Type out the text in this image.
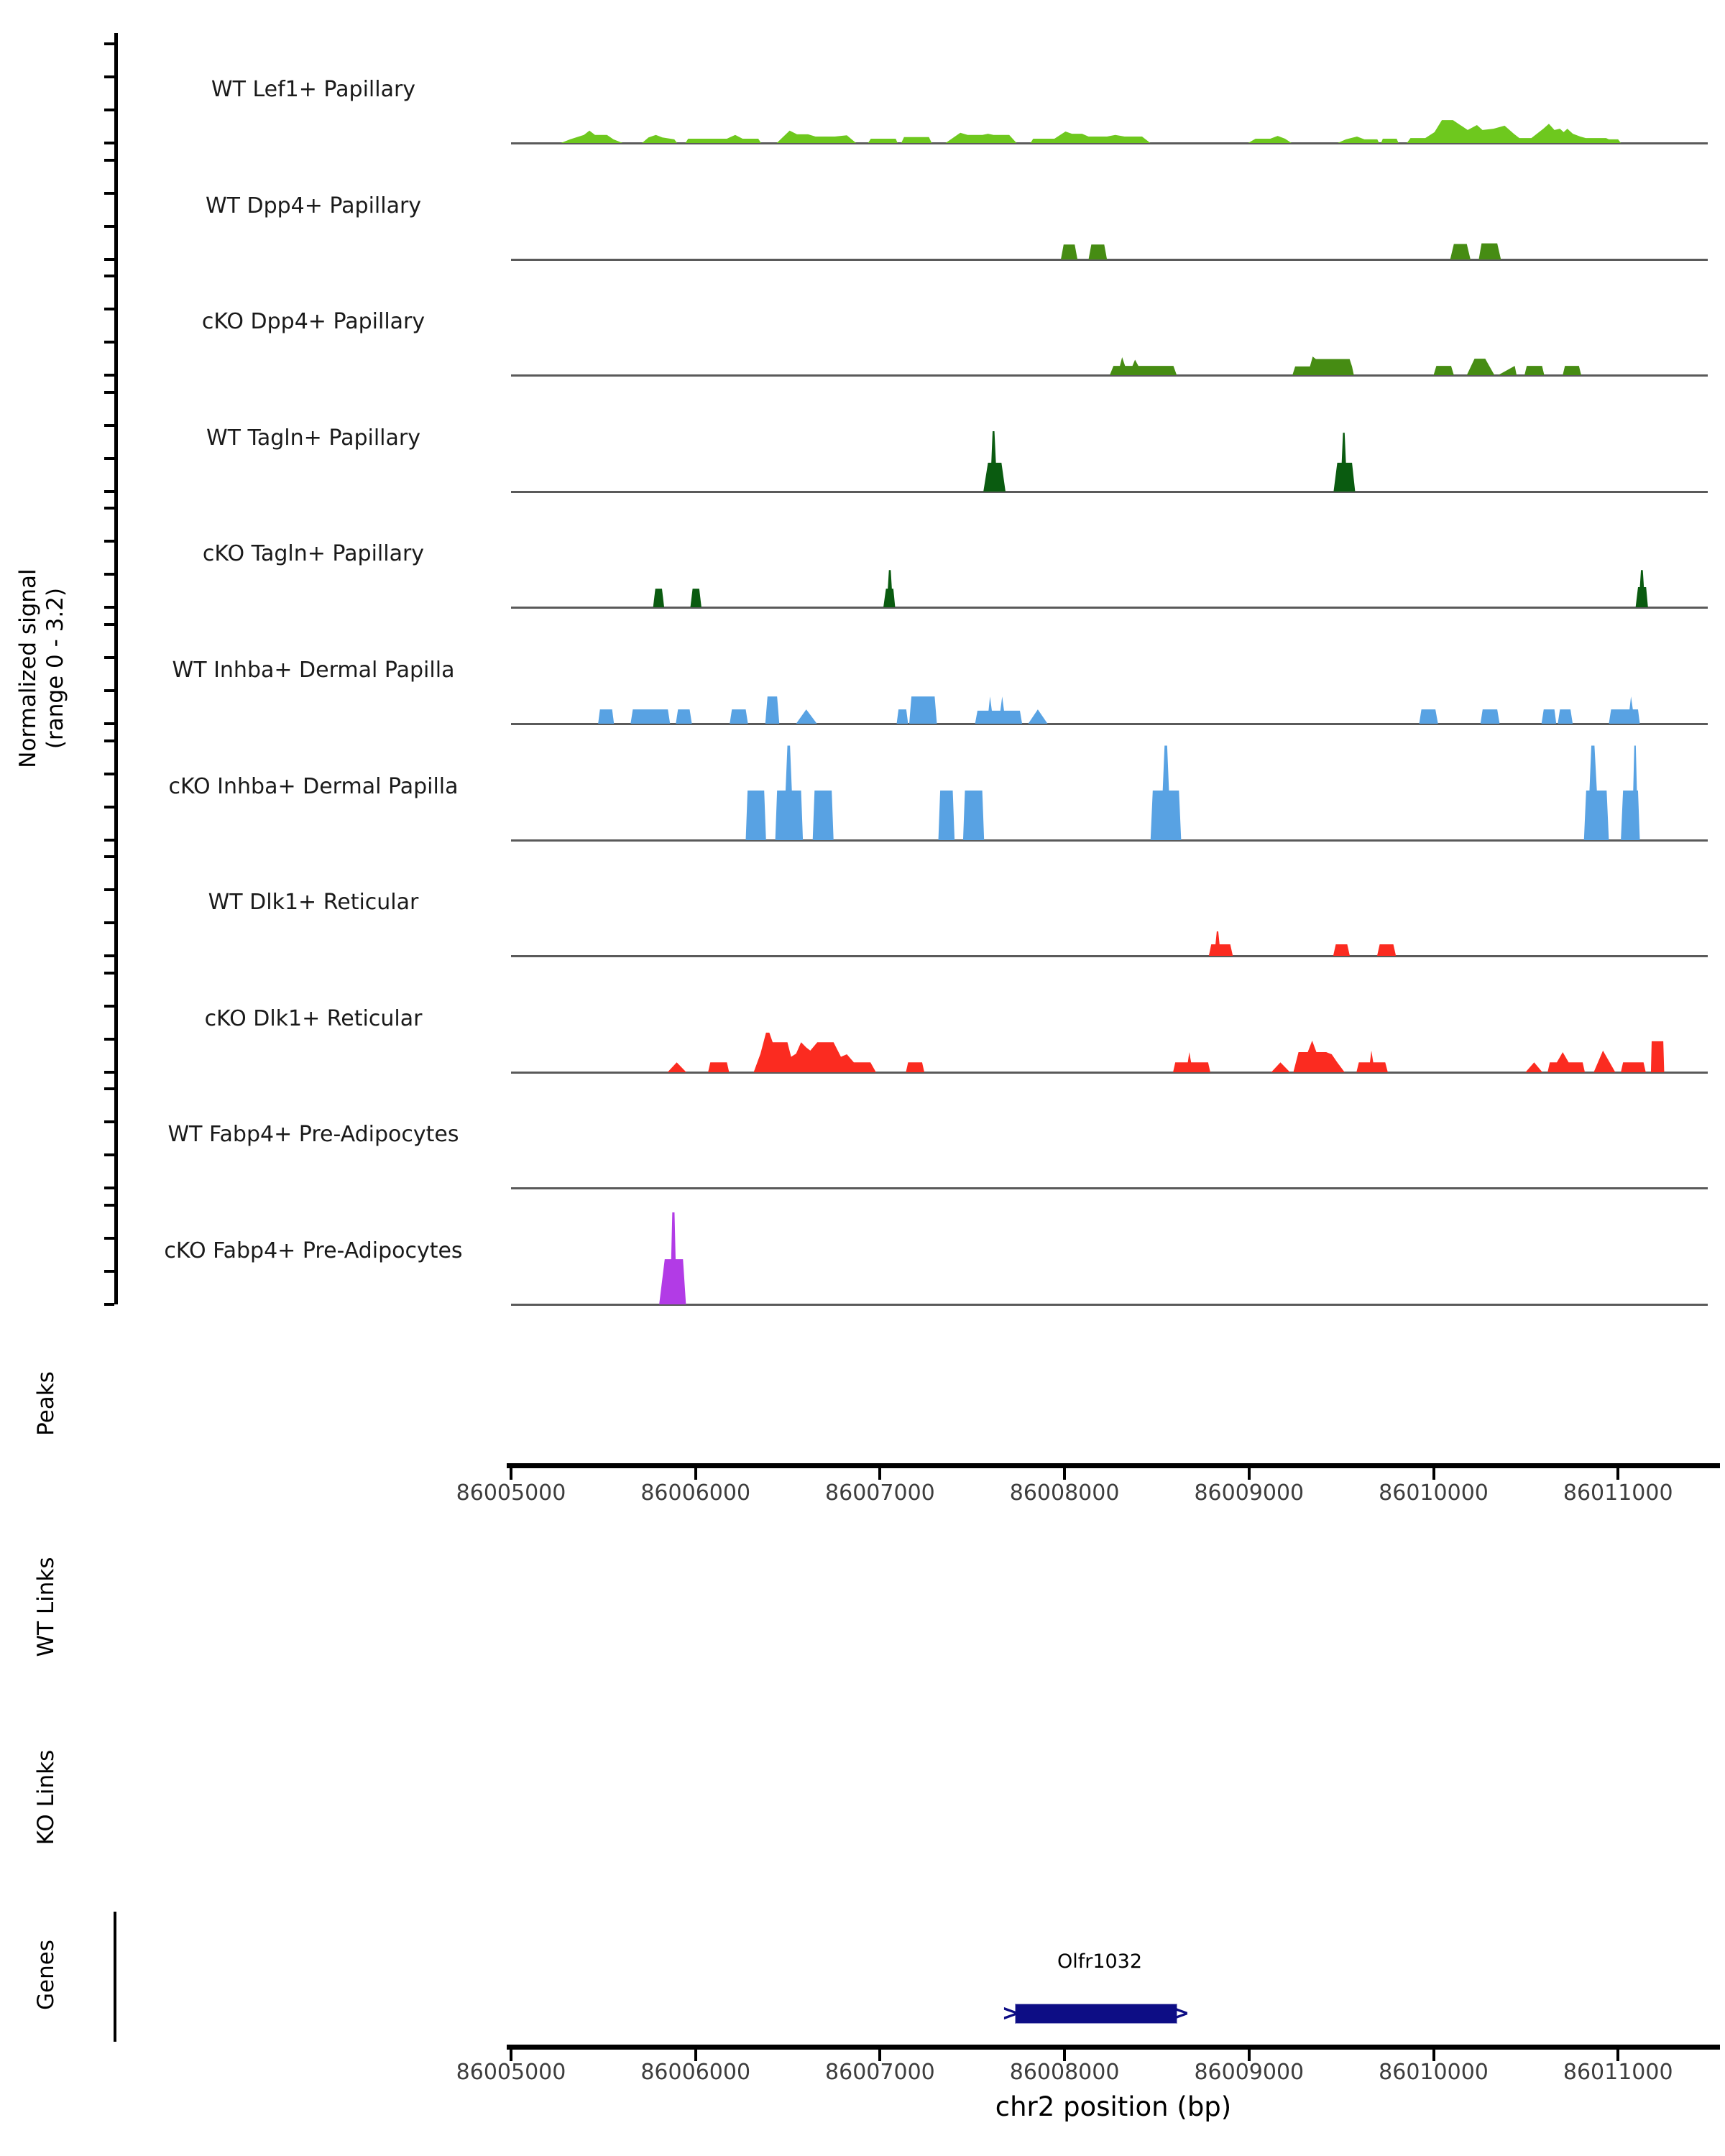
Normalized signal (range 0 - 3.2)
WT Lef1+ Papillary
WT Dpp4+ Papillary
cKO Dpp4+ Papillary
WT Tagln+ Papillary
cKO Tagln+ Papillary
WT Inhba+ Dermal Papilla
cKO Inhba+ Dermal Papilla
WT Dlk1+ Reticular
cKO Dlk1+ Reticular
WT Fabp4+ Pre-Adipocytes
cKO Fabp4+ Pre-Adipocytes
Peaks
WT Links
KO Links
Genes
86005000	86006000	86007000	86008000	86009000	86010000	86011000
Olfr1032
>	>
86005000	86006000	86007000	86008000	86009000	86010000	86011000
chr2 position (bp)
